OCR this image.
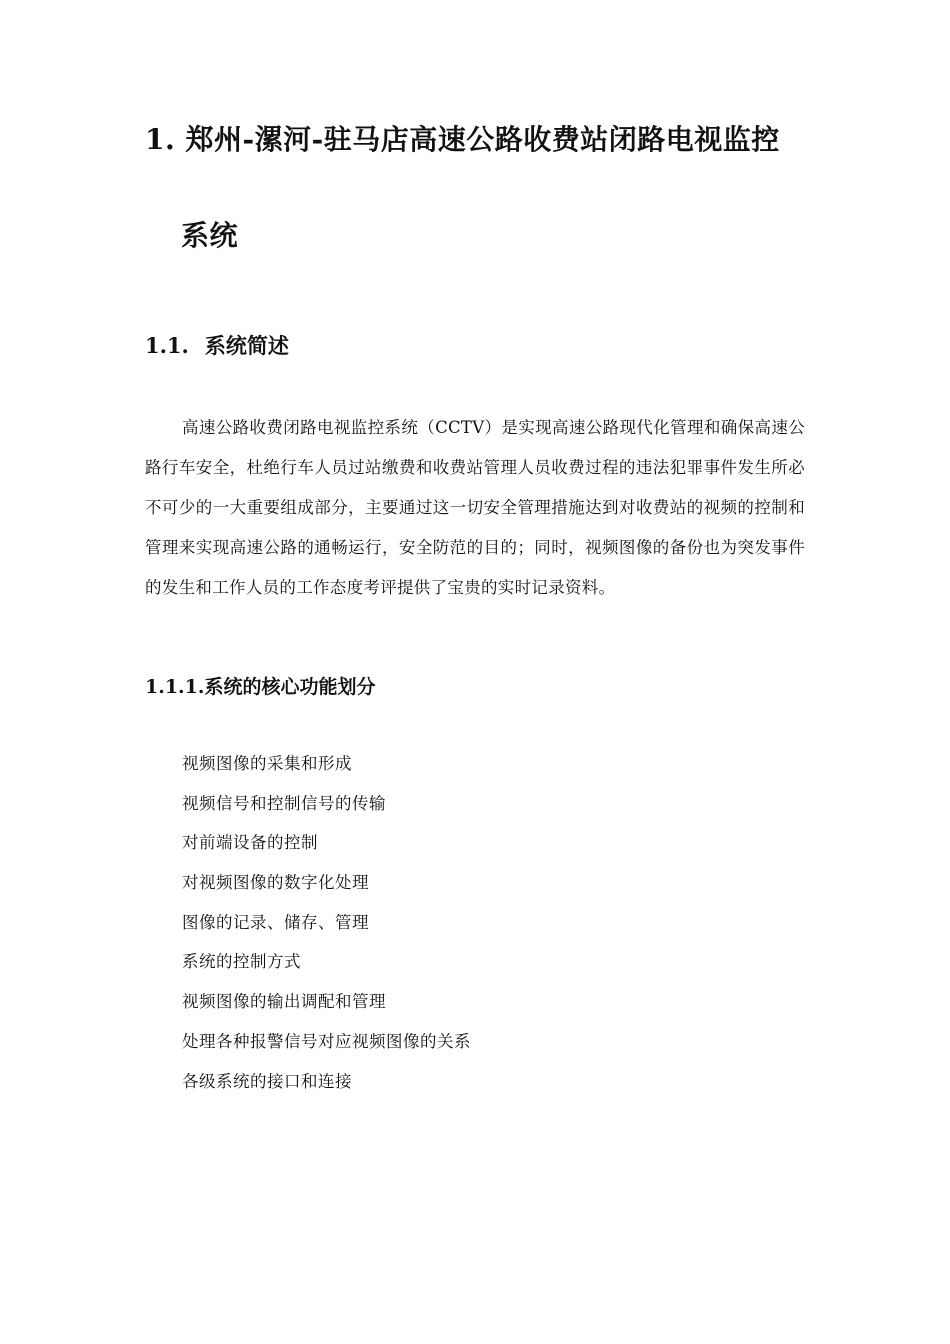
1. 郑州-漯河-驻马店高速公路收费站闭路电视监控
系统
1.1. 系统简述

高速公路收费闭路电视监控系统（CCTV）是实现高速公路现代化管理和确保高速公路行车安全，杜绝行车人员过站缴费和收费站管理人员收费过程的违法犯罪事件发生所必不可少的一大重要组成部分，主要通过这一切安全管理措施达到对收费站的视频的控制和管理来实现高速公路的通畅运行，安全防范的目的；同时，视频图像的备份也为突发事件的发生和工作人员的工作态度考评提供了宝贵的实时记录资料。

1.1.1.系统的核心功能划分
视频图像的采集和形成
视频信号和控制信号的传输
对前端设备的控制
对视频图像的数字化处理
图像的记录、储存、管理
系统的控制方式
视频图像的输出调配和管理
处理各种报警信号对应视频图像的关系
各级系统的接口和连接
